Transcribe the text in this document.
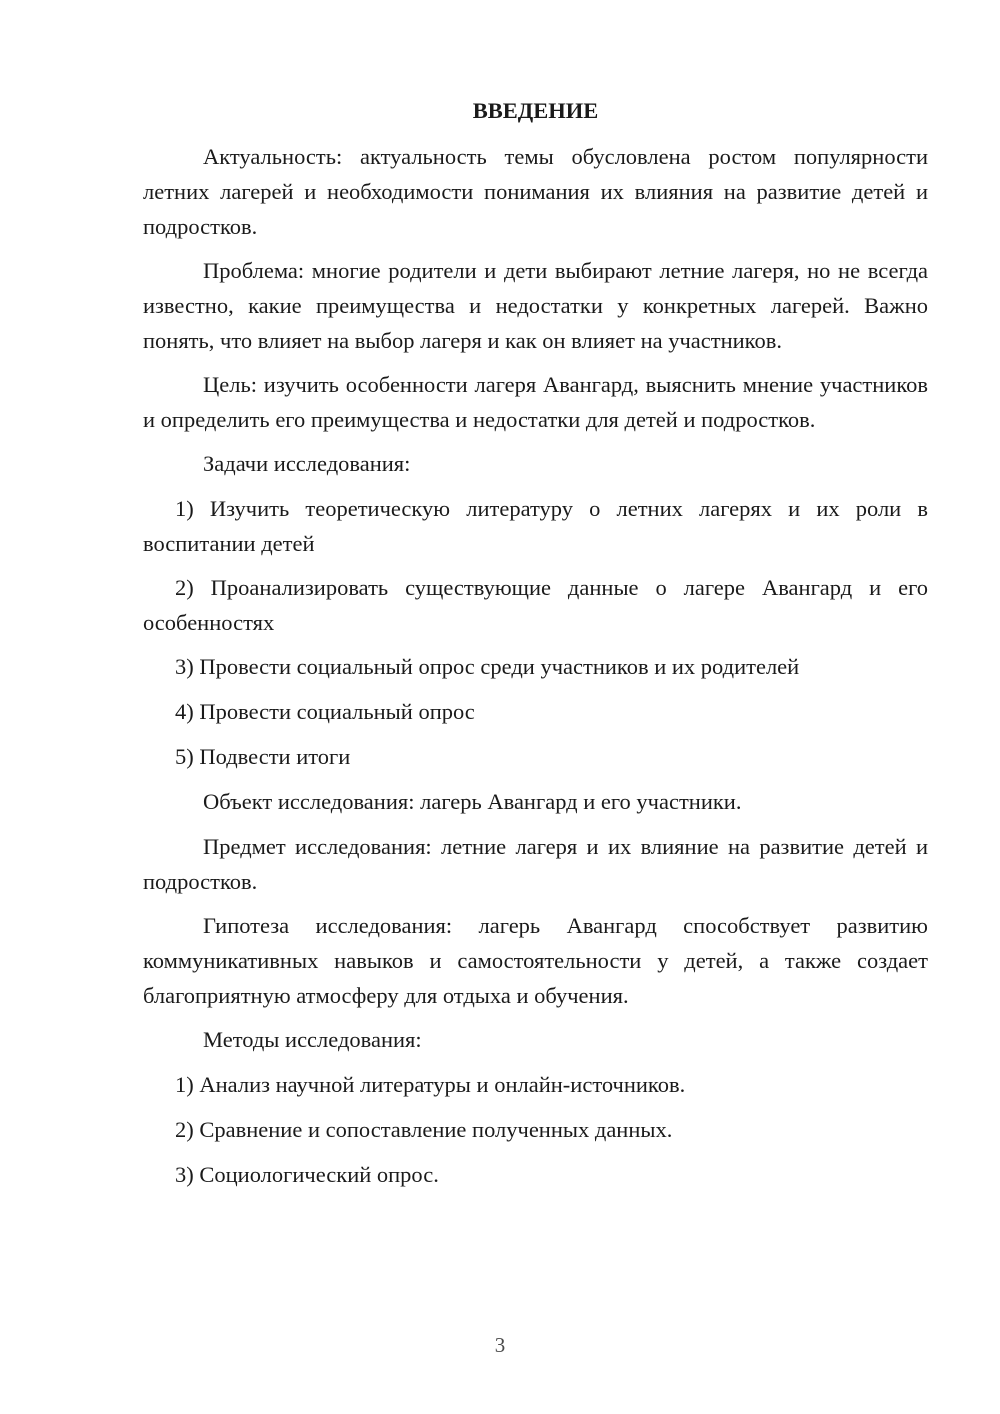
ВВЕДЕНИЕ

Актуальность: актуальность темы обусловлена ростом популярности летних лагерей и необходимости понимания их влияния на развитие детей и подростков.

Проблема: многие родители и дети выбирают летние лагеря, но не всегда известно, какие преимущества и недостатки у конкретных лагерей. Важно понять, что влияет на выбор лагеря и как он влияет на участников.

Цель: изучить особенности лагеря Авангард, выяснить мнение участников и определить его преимущества и недостатки для детей и подростков.

Задачи исследования:

1) Изучить теоретическую литературу о летних лагерях и их роли в воспитании детей

2) Проанализировать существующие данные о лагере Авангард и его особенностях

3) Провести социальный опрос среди участников и их родителей

4) Провести социальный опрос

5) Подвести итоги

Объект исследования: лагерь Авангард и его участники.

Предмет исследования: летние лагеря и их влияние на развитие детей и подростков.

Гипотеза исследования: лагерь Авангард способствует развитию коммуникативных навыков и самостоятельности у детей, а также создает благоприятную атмосферу для отдыха и обучения.

Методы исследования:

1) Анализ научной литературы и онлайн-источников.

2) Сравнение и сопоставление полученных данных.

3) Социологический опрос.

3
